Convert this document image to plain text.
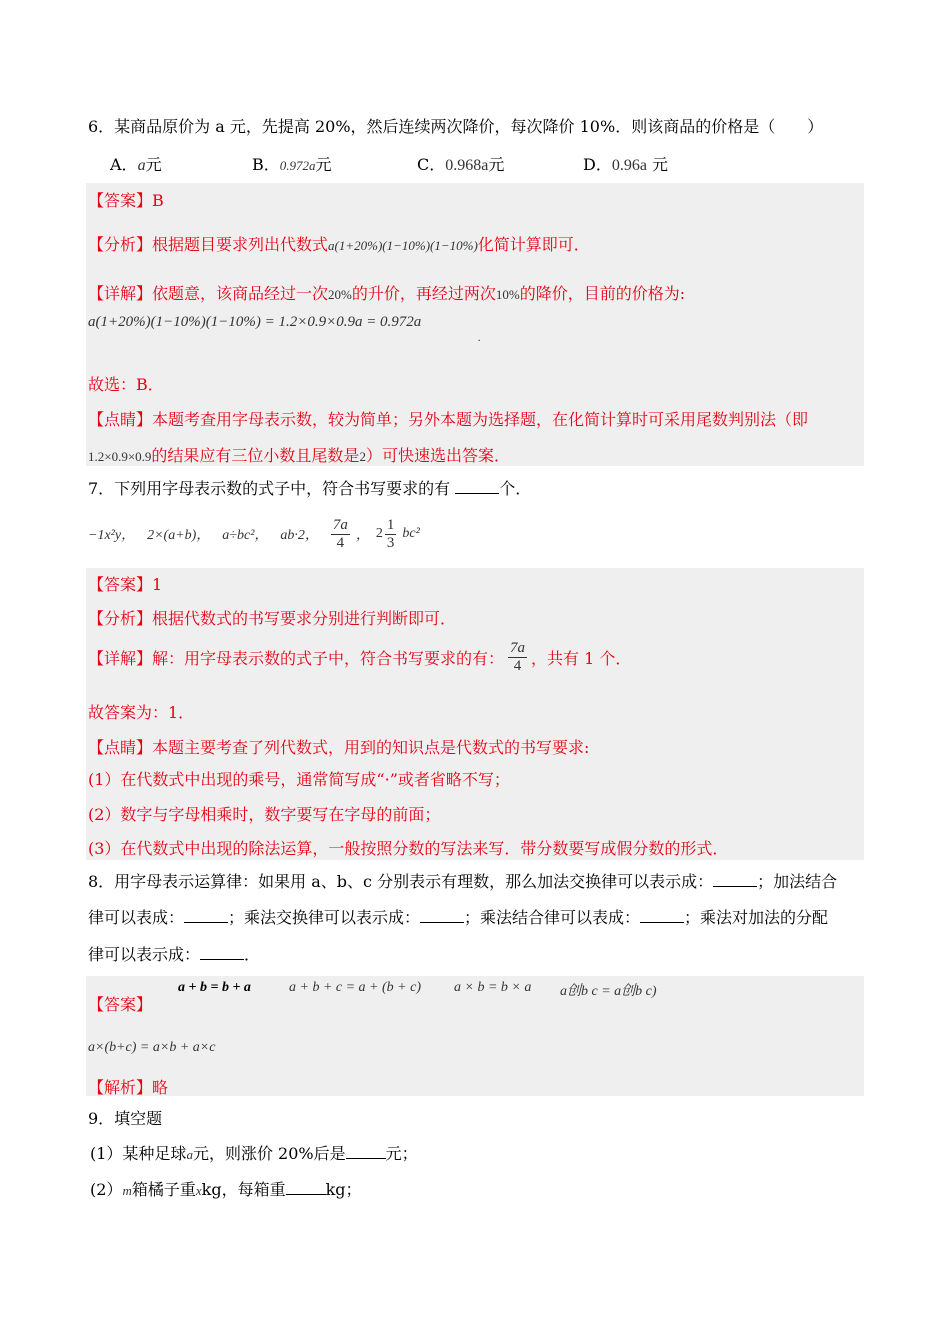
6．某商品原价为 a 元，先提高 20%，然后连续两次降价，每次降价 10%．则该商品的价格是（　　）
A．a元	B．0.972a元	C．0.968a元	D．0.96a 元
【答案】B
【分析】根据题目要求列出代数式a(1+20%)(1−10%)(1−10%)化简计算即可．
【详解】依题意，该商品经过一次20%的升价，再经过两次10%的降价，目前的价格为:
a(1+20%)(1−10%)(1−10%) = 1.2×0.9×0.9a = 0.972a
.
故选：B．
【点睛】本题考查用字母表示数，较为简单；另外本题为选择题，在化简计算时可采用尾数判别法（即
1.2×0.9×0.9的结果应有三位小数且尾数是2）可快速选出答案．
7．下列用字母表示数的式子中，符合书写要求的有	个．
−1x²y， 2×(a+b)， a÷bc²， ab·2， $\frac{7a}{4}$ ， $2 \frac{1}{3} bc^2$
【答案】1
【分析】根据代数式的书写要求分别进行判断即可．
【详解】解：用字母表示数的式子中，符合书写要求的有： $\frac{7a}{4}$ ，共有 1 个．
故答案为：1．
【点睛】本题主要考查了列代数式，用到的知识点是代数式的书写要求:
(1）在代数式中出现的乘号，通常简写成“·”或者省略不写；
(2）数字与字母相乘时，数字要写在字母的前面；
(3）在代数式中出现的除法运算，一般按照分数的写法来写．带分数要写成假分数的形式．
8．用字母表示运算律：如果用 a、b、c 分别表示有理数，那么加法交换律可以表示成：	；加法结合
律可以表成：	；乘法交换律可以表示成：	；乘法结合律可以表成：	；乘法对加法的分配
律可以表示成：	．
【答案】
a + b = b + a	a + b + c = a + (b + c) a × b = b × a a创b c = a创b c)
a×(b+c) = a×b + a×c
【解析】略
9．填空题
(1）某种足球a元，则涨价 20%后是	元；
(2）m箱橘子重xkg，每箱重	kg；
